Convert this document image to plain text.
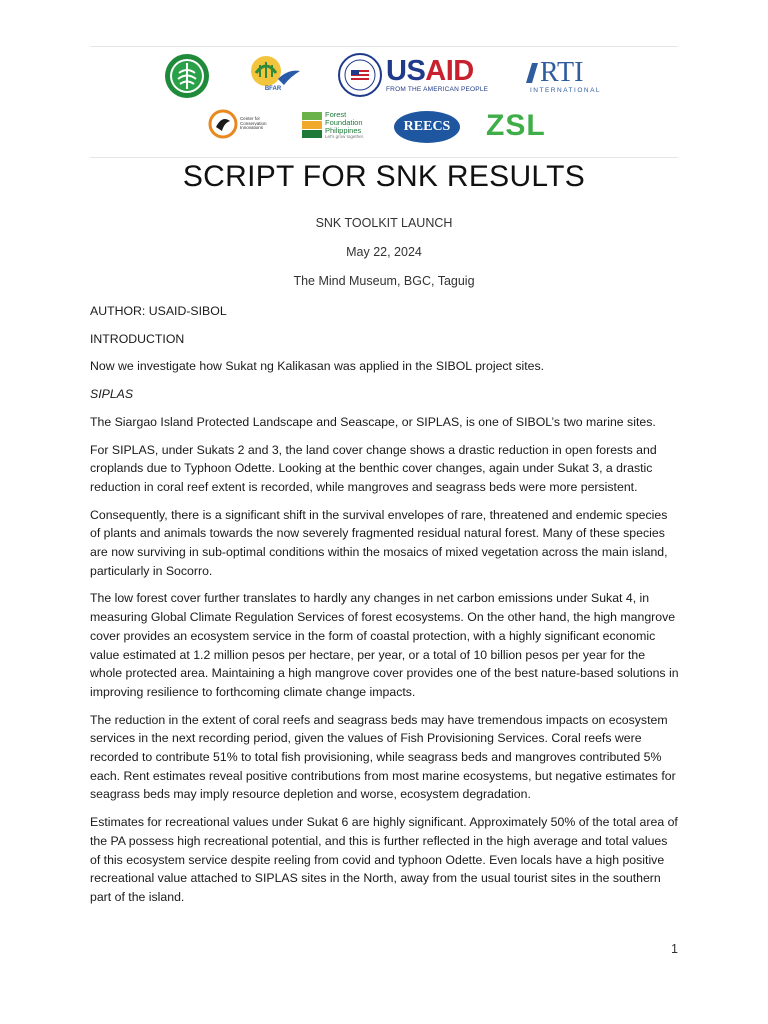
BFAR
USAID
FROM THE AMERICAN PEOPLE
RTI
INTERNATIONAL
Center for Conservation Innovations
Forest
Foundation
Philippines
Let's grow together.
REECS ZSL
SCRIPT FOR SNK RESULTS
SNK TOOLKIT LAUNCH
May 22, 2024
The Mind Museum, BGC, Taguig

AUTHOR: USAID-SIBOL

INTRODUCTION

Now we investigate how Sukat ng Kalikasan was applied in the SIBOL project sites.

SIPLAS

The Siargao Island Protected Landscape and Seascape, or SIPLAS, is one of SIBOL’s two marine sites.

For SIPLAS, under Sukats 2 and 3, the land cover change shows a drastic reduction in open forests and croplands due to Typhoon Odette. Looking at the benthic cover changes, again under Sukat 3, a drastic reduction in coral reef extent is recorded, while mangroves and seagrass beds were more persistent.

Consequently, there is a significant shift in the survival envelopes of rare, threatened and endemic species of plants and animals towards the now severely fragmented residual natural forest. Many of these species are now surviving in sub-optimal conditions within the mosaics of mixed vegetation across the main island, particularly in Socorro.

The low forest cover further translates to hardly any changes in net carbon emissions under Sukat 4, in measuring Global Climate Regulation Services of forest ecosystems. On the other hand, the high mangrove cover provides an ecosystem service in the form of coastal protection, with a highly significant economic value estimated at 1.2 million pesos per hectare, per year, or a total of 10 billion pesos per year for the whole protected area. Maintaining a high mangrove cover provides one of the best nature-based solutions in improving resilience to forthcoming climate change impacts.

The reduction in the extent of coral reefs and seagrass beds may have tremendous impacts on ecosystem services in the next recording period, given the values of Fish Provisioning Services. Coral reefs were recorded to contribute 51% to total fish provisioning, while seagrass beds and mangroves contributed 5% each. Rent estimates reveal positive contributions from most marine ecosystems, but negative estimates for seagrass beds may imply resource depletion and worse, ecosystem degradation.

Estimates for recreational values under Sukat 6 are highly significant. Approximately 50% of the total area of the PA possess high recreational potential, and this is further reflected in the high average and total values of this ecosystem service despite reeling from covid and typhoon Odette. Even locals have a high positive recreational value attached to SIPLAS sites in the North, away from the usual tourist sites in the southern part of the island.

1
